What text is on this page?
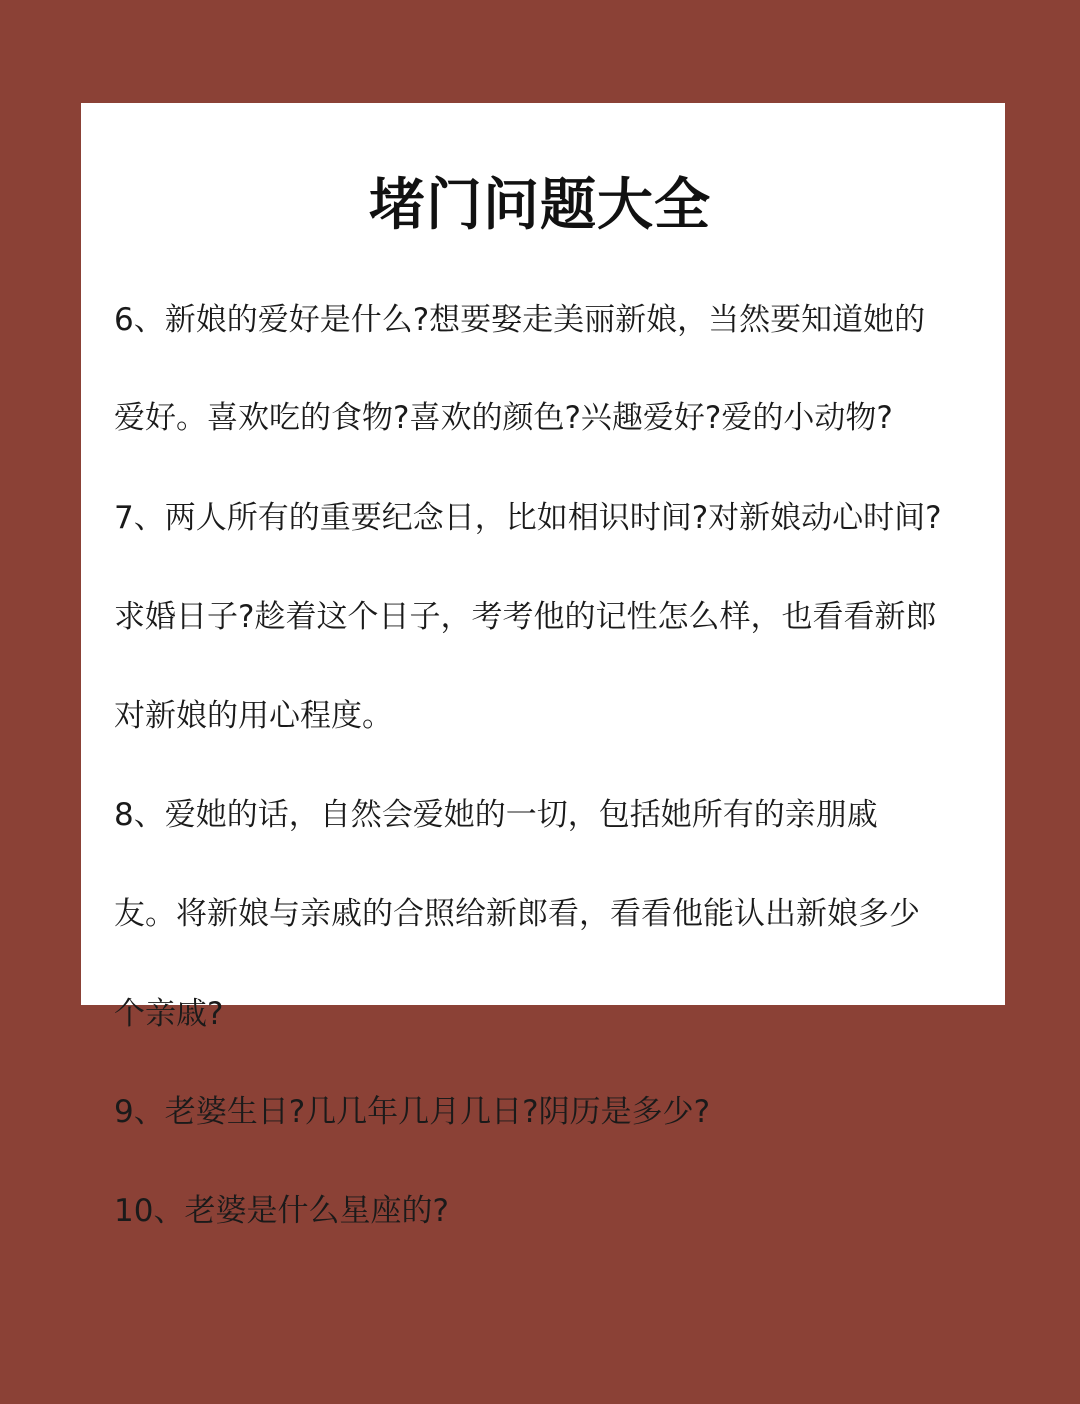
堵门问题大全
6、新娘的爱好是什么?想要娶走美丽新娘，当然要知道她的
爱好。喜欢吃的食物?喜欢的颜色?兴趣爱好?爱的小动物?
7、两人所有的重要纪念日，比如相识时间?对新娘动心时间?
求婚日子?趁着这个日子，考考他的记性怎么样，也看看新郎
对新娘的用心程度。
8、爱她的话，自然会爱她的一切，包括她所有的亲朋戚
友。将新娘与亲戚的合照给新郎看，看看他能认出新娘多少
个亲戚?
9、老婆生日?几几年几月几日?阴历是多少?
10、老婆是什么星座的?
